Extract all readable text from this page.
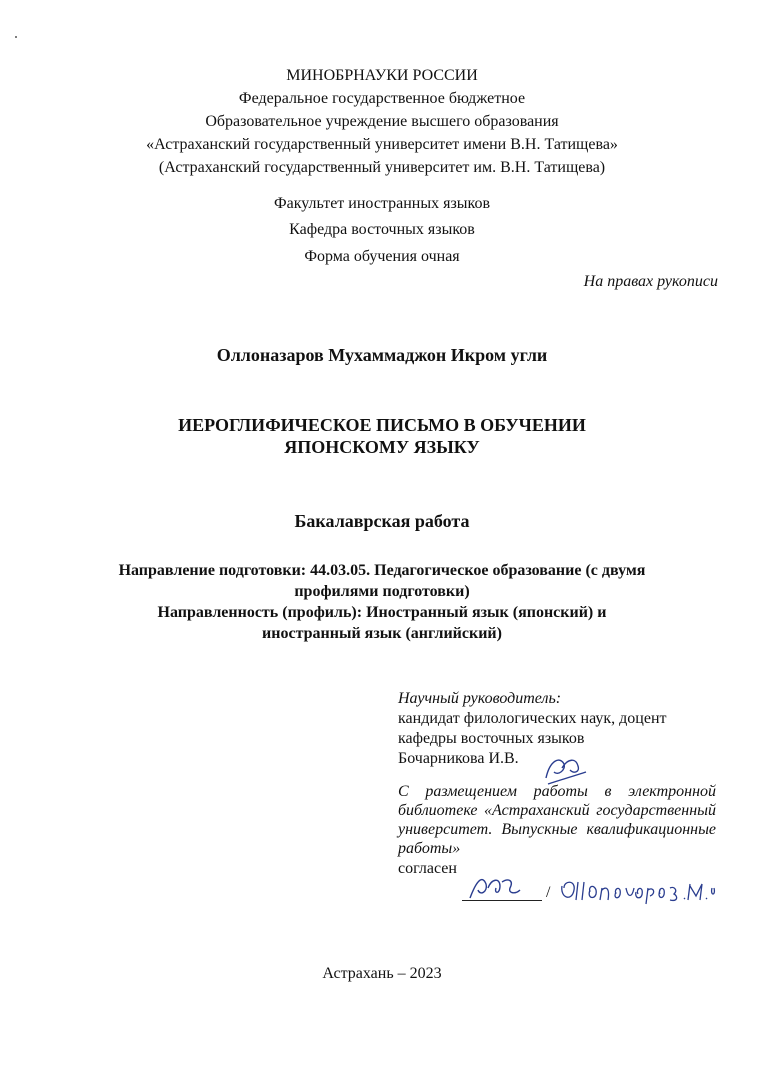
МИНОБРНАУКИ РОССИИ
Федеральное государственное бюджетное
Образовательное учреждение высшего образования
«Астраханский государственный университет имени В.Н. Татищева»
(Астраханский государственный университет им. В.Н. Татищева)
Факультет иностранных языков
Кафедра восточных языков
Форма обучения очная
На правах рукописи
Оллоназаров Мухаммаджон Икром угли
ИЕРОГЛИФИЧЕСКОЕ ПИСЬМО В ОБУЧЕНИИ
ЯПОНСКОМУ ЯЗЫКУ
Бакалаврская работа
Направление подготовки: 44.03.05. Педагогическое образование (с двумя
профилями подготовки)
Направленность (профиль): Иностранный язык (японский) и
иностранный язык (английский)
Научный руководитель:
кандидат филологических наук, доцент
кафедры восточных языков
Бочарникова И.В.
С размещением работы в электронной библиотеке «Астраханский государственный университет. Выпускные квалификационные работы»
согласен
/
Астрахань – 2023
